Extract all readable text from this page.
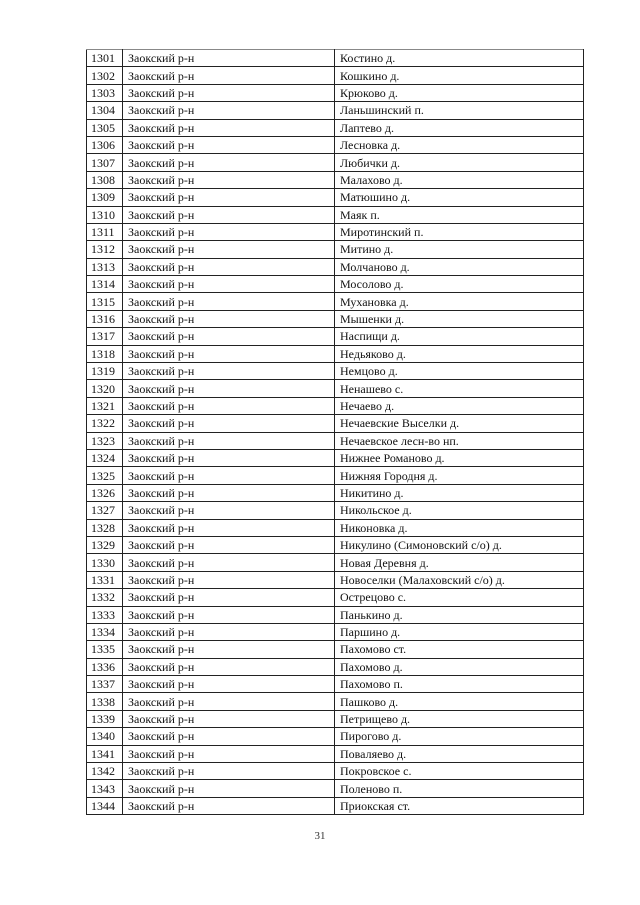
1301	Заокский р-н	Костино д.
1302	Заокский р-н	Кошкино д.
1303	Заокский р-н	Крюково д.
1304	Заокский р-н	Ланьшинский п.
1305	Заокский р-н	Лаптево д.
1306	Заокский р-н	Лесновка д.
1307	Заокский р-н	Любички д.
1308	Заокский р-н	Малахово д.
1309	Заокский р-н	Матюшино д.
1310	Заокский р-н	Маяк п.
1311	Заокский р-н	Миротинский п.
1312	Заокский р-н	Митино д.
1313	Заокский р-н	Молчаново д.
1314	Заокский р-н	Мосолово д.
1315	Заокский р-н	Мухановка д.
1316	Заокский р-н	Мышенки д.
1317	Заокский р-н	Наспищи д.
1318	Заокский р-н	Недьяково д.
1319	Заокский р-н	Немцово д.
1320	Заокский р-н	Ненашево с.
1321	Заокский р-н	Нечаево д.
1322	Заокский р-н	Нечаевские Выселки д.
1323	Заокский р-н	Нечаевское лесн-во нп.
1324	Заокский р-н	Нижнее Романово д.
1325	Заокский р-н	Нижняя Городня д.
1326	Заокский р-н	Никитино д.
1327	Заокский р-н	Никольское д.
1328	Заокский р-н	Никоновка д.
1329	Заокский р-н	Никулино (Симоновский с/о) д.
1330	Заокский р-н	Новая Деревня д.
1331	Заокский р-н	Новоселки (Малаховский с/о) д.
1332	Заокский р-н	Острецово с.
1333	Заокский р-н	Панькино д.
1334	Заокский р-н	Паршино д.
1335	Заокский р-н	Пахомово ст.
1336	Заокский р-н	Пахомово д.
1337	Заокский р-н	Пахомово п.
1338	Заокский р-н	Пашково д.
1339	Заокский р-н	Петрищево д.
1340	Заокский р-н	Пирогово д.
1341	Заокский р-н	Поваляево д.
1342	Заокский р-н	Покровское с.
1343	Заокский р-н	Поленово п.
1344	Заокский р-н	Приокская ст.
31
